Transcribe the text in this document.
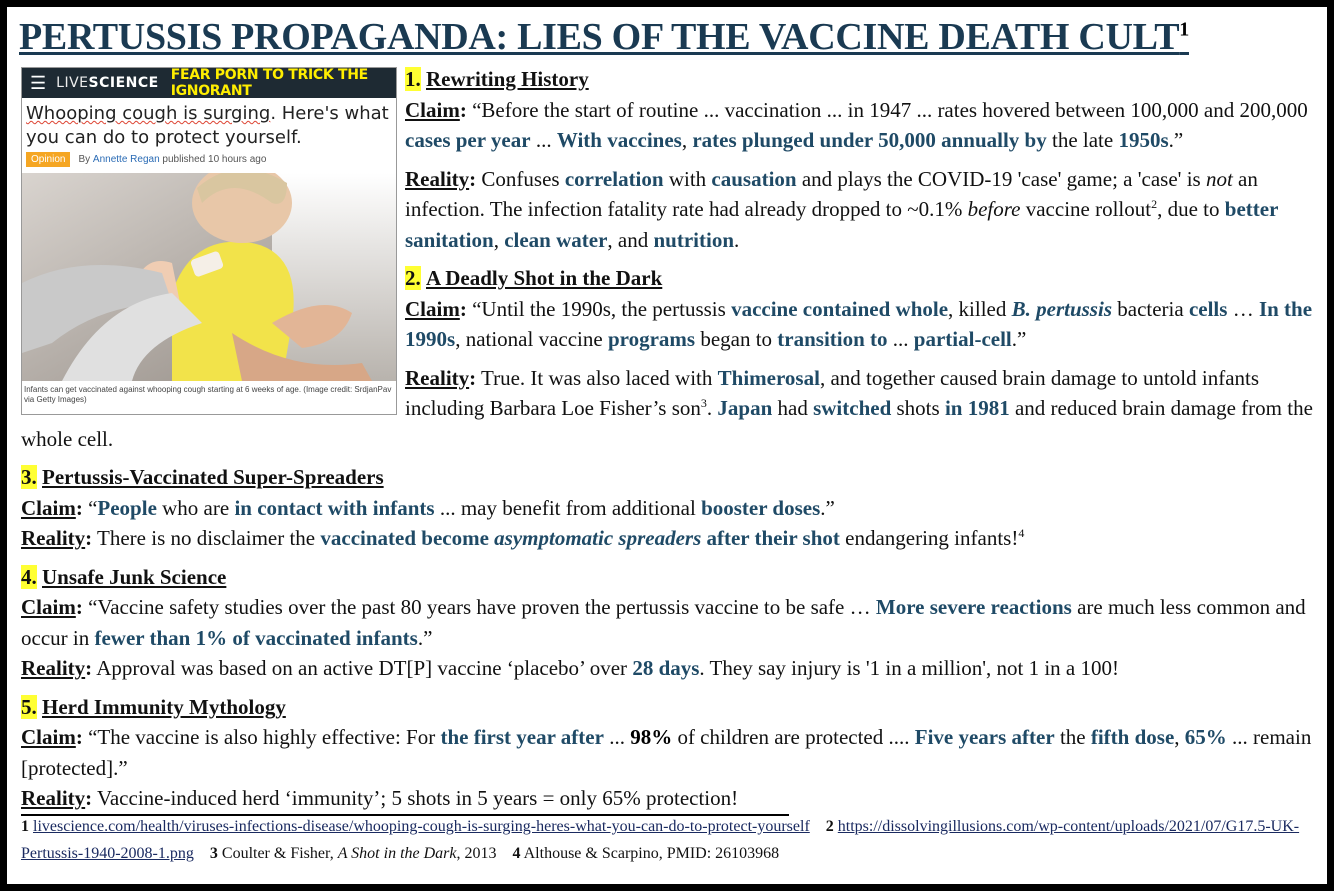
PERTUSSIS PROPAGANDA: LIES OF THE VACCINE DEATH CULT$^1$
☰ LIVESCIENCE FEAR PORN TO TRICK THE IGNORANT
Whooping cough is surging. Here's what you can do to protect yourself.
Opinion	By
Annette Regan
published 10 hours ago
Infants can get vaccinated against whooping cough starting at 6 weeks of age. (Image credit: SrdjanPav via Getty Images)

1. Rewriting History

Claim: “Before the start of routine ... vaccination ... in 1947 ... rates hovered between 100,000 and 200,000 cases per year ... With vaccines, rates plunged under 50,000 annually by the late 1950s.”

Reality: Confuses correlation with causation and plays the COVID-19 'case' game; a 'case' is not an infection. The infection fatality rate had already dropped to ~0.1% before vaccine rollout$^2$, due to better sanitation, clean water, and nutrition.

2. A Deadly Shot in the Dark

Claim: “Until the 1990s, the pertussis vaccine contained whole, killed B. pertussis bacteria cells … In the 1990s, national vaccine programs began to transition to ... partial-cell.”

Reality: True. It was also laced with Thimerosal, and together caused brain damage to untold infants including Barbara Loe Fisher’s son$^3$. Japan had switched shots in 1981 and reduced brain damage from the whole cell.

3. Pertussis-Vaccinated Super-Spreaders

Claim: “People who are in contact with infants ... may benefit from additional booster doses.”

Reality: There is no disclaimer the vaccinated become asymptomatic spreaders after their shot endangering infants!$^4$

4. Unsafe Junk Science

Claim: “Vaccine safety studies over the past 80 years have proven the pertussis vaccine to be safe … More severe reactions are much less common and occur in fewer than 1% of vaccinated infants.”

Reality: Approval was based on an active DT[P] vaccine ‘placebo’ over 28 days. They say injury is '1 in a million', not 1 in a 100!

5. Herd Immunity Mythology

Claim: “The vaccine is also highly effective: For the first year after ... 98% of children are protected .... Five years after the fifth dose, 65% ... remain [protected].”

Reality: Vaccine-induced herd ‘immunity’; 5 shots in 5 years = only 65% protection!

1 livescience.com/health/viruses-infections-disease/whooping-cough-is-surging-heres-what-you-can-do-to-protect-yourself 2 https://dissolvingillusions.com/wp-content/uploads/2021/07/G17.5-UK-Pertussis-1940-2008-1.png 3 Coulter & Fisher, A Shot in the Dark, 2013 4 Althouse & Scarpino, PMID: 26103968
